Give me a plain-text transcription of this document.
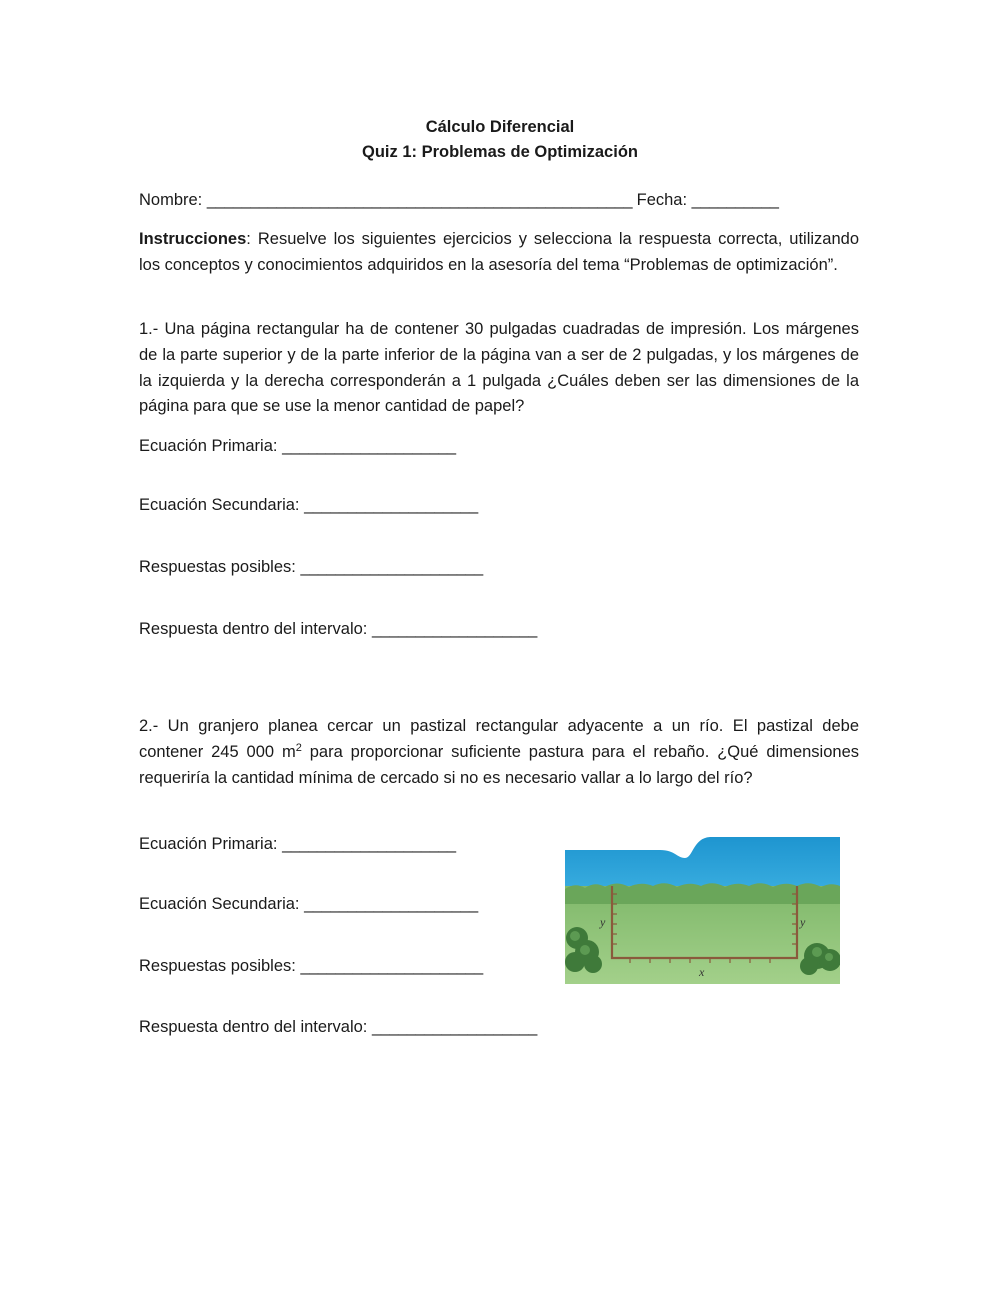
Cálculo Diferencial
Quiz 1: Problemas de Optimización
Nombre: _________________________________________________ Fecha: __________
Instrucciones: Resuelve los siguientes ejercicios y selecciona la respuesta correcta, utilizando los conceptos y conocimientos adquiridos en la asesoría del tema “Problemas de optimización”.
1.- Una página rectangular ha de contener 30 pulgadas cuadradas de impresión. Los márgenes de la parte superior y de la parte inferior de la página van a ser de 2 pulgadas, y los márgenes de la izquierda y la derecha corresponderán a 1 pulgada ¿Cuáles deben ser las dimensiones de la página para que se use la menor cantidad de papel?
Ecuación Primaria: ____________________
Ecuación Secundaria: ____________________
Respuestas posibles: _____________________
Respuesta dentro del intervalo: ___________________
2.- Un granjero planea cercar un pastizal rectangular adyacente a un río. El pastizal debe contener 245 000 $m^2$ para proporcionar suficiente pastura para el rebaño. ¿Qué dimensiones requeriría la cantidad mínima de cercado si no es necesario vallar a lo largo del río?
Ecuación Primaria: ____________________
Ecuación Secundaria: ____________________
Respuestas posibles: _____________________
Respuesta dentro del intervalo: ___________________
y	y
x
